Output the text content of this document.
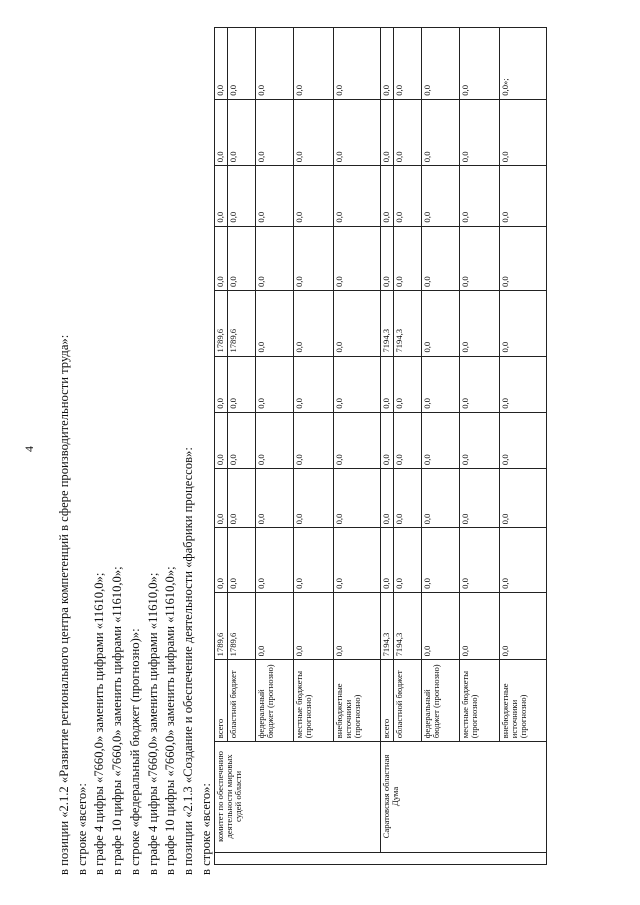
4 в позиции «2.1.2 «Развитие регионального центра компетенций в сфере производительности труда»: в строке «всего»: в графе 4 цифры «7660,0» заменить цифрами «11610,0»; в графе 10 цифры «7660,0» заменить цифрами «11610,0»; в строке «федеральный бюджет (прогнозно)»: в графе 4 цифры «7660,0» заменить цифрами «11610,0»; в графе 10 цифры «7660,0» заменить цифрами «11610,0»; в позиции «2.1.3 «Создание и обеспечение деятельности «фабрики процессов»: в строке «всего»:
	комитет по обеспечению деятельности мировых судей области	всего	1789,6	0,0	0,0	0,0	0,0	1789,6	0,0	0,0	0,0	0,0
		областной бюджет	1789,6	0,0	0,0	0,0	0,0	1789,6	0,0	0,0	0,0	0,0
		федеральный бюджет (прогнозно)	0,0	0,0	0,0	0,0	0,0	0,0	0,0	0,0	0,0	0,0
		местные бюджеты (прогнозно)	0,0	0,0	0,0	0,0	0,0	0,0	0,0	0,0	0,0	0,0
		внебюджетные источники (прогнозно)	0,0	0,0	0,0	0,0	0,0	0,0	0,0	0,0	0,0	0,0
	Саратовская областная Дума	всего	7194,3	0,0	0,0	0,0	0,0	7194,3	0,0	0,0	0,0	0,0
		областной бюджет	7194,3	0,0	0,0	0,0	0,0	7194,3	0,0	0,0	0,0	0,0
		федеральный бюджет (прогнозно)	0,0	0,0	0,0	0,0	0,0	0,0	0,0	0,0	0,0	0,0
		местные бюджеты (прогнозно)	0,0	0,0	0,0	0,0	0,0	0,0	0,0	0,0	0,0	0,0
		внебюджетные источники (прогнозно)	0,0	0,0	0,0	0,0	0,0	0,0	0,0	0,0	0,0	0,0»;
